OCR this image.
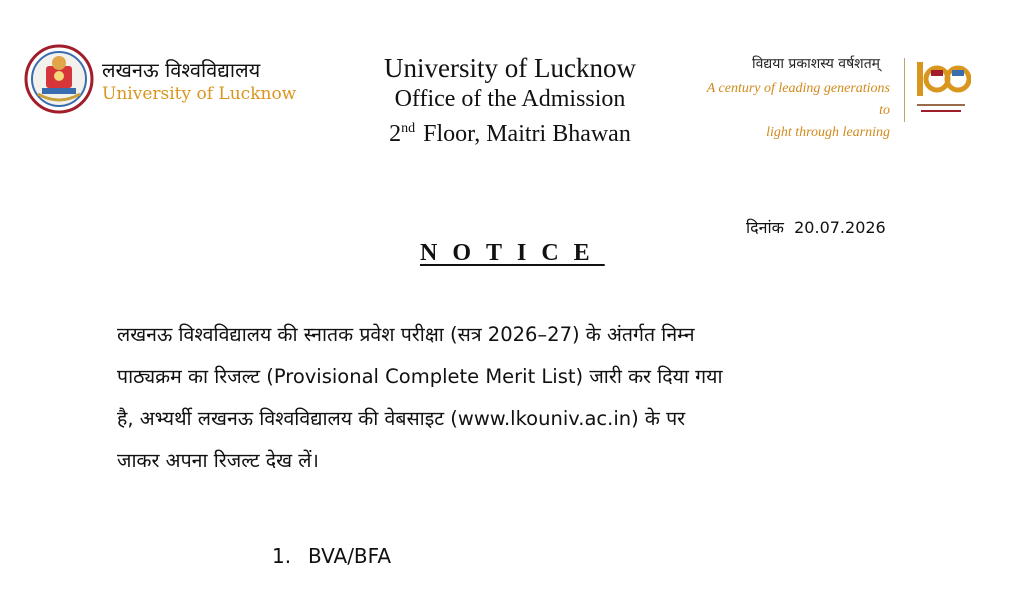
लखनऊ विश्वविद्यालय
University of Lucknow
University of Lucknow
Office of the Admission
2nd Floor, Maitri Bhawan
विद्यया प्रकाशस्य वर्षशतम्
A century of leading generations to
light through learning
दिनांक 20.07.2026
NOTICE
लखनऊ विश्वविद्यालय की स्नातक प्रवेश परीक्षा (सत्र 2026–27) के अंतर्गत निम्न
पाठ्यक्रम का रिजल्ट (Provisional Complete Merit List) जारी कर दिया गया
है, अभ्यर्थी लखनऊ विश्वविद्यालय की वेबसाइट (www.lkouniv.ac.in) के पर
जाकर अपना रिजल्ट देख लें।
1. BVA/BFA
